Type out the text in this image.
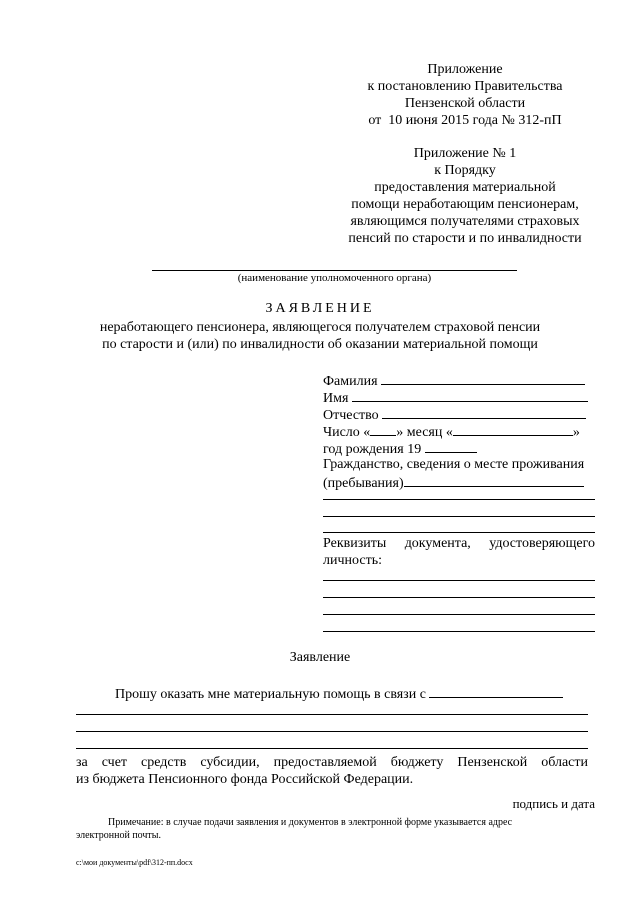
Приложение
к постановлению Правительства
Пензенской области
от  10 июня 2015 года № 312-пП
Приложение № 1
к Порядку
предоставления материальной
помощи неработающим пенсионерам,
являющимся получателями страховых
пенсий по старости и по инвалидности
(наименование уполномоченного органа)
ЗАЯВЛЕНИЕ
неработающего пенсионера, являющегося получателем страховой пенсии
по старости и (или) по инвалидности об оказании материальной помощи
Фамилия
Имя
Отчество
Число « » месяц «	»
год рождения 19
Гражданство, сведения о месте проживания
(пребывания)
Реквизиты документа, удостоверяющего
личность:
Заявление
Прошу оказать мне материальную помощь в связи с
за счет средств субсидии, предоставляемой бюджету Пензенской области
из бюджета Пенсионного фонда Российской Федерации.
подпись и дата
Примечание: в случае подачи заявления и документов в электронной форме указывается адрес
электронной почты.
c:\мои документы\pdf\312-пп.docx
